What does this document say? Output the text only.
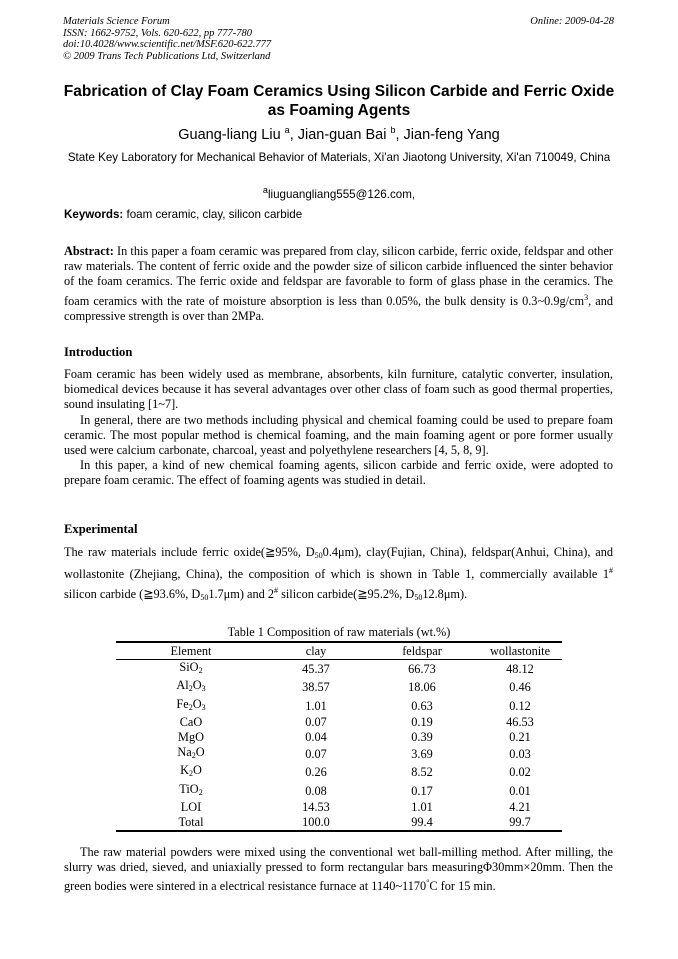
Materials Science Forum
ISSN: 1662-9752, Vols. 620-622, pp 777-780
doi:10.4028/www.scientific.net/MSF.620-622.777
© 2009 Trans Tech Publications Ltd, Switzerland
Online: 2009-04-28
Fabrication of Clay Foam Ceramics Using Silicon Carbide and Ferric Oxide as Foaming Agents
Guang-liang Liu $^a$, Jian-guan Bai $^b$, Jian-feng Yang
State Key Laboratory for Mechanical Behavior of Materials, Xi'an Jiaotong University, Xi'an 710049, China
$^a$liuguangliang555@126.com,
Keywords: foam ceramic, clay, silicon carbide

Abstract: In this paper a foam ceramic was prepared from clay, silicon carbide, ferric oxide, feldspar and other raw materials. The content of ferric oxide and the powder size of silicon carbide influenced the sinter behavior of the foam ceramics. The ferric oxide and feldspar are favorable to form of glass phase in the ceramics. The foam ceramics with the rate of moisture absorption is less than 0.05%, the bulk density is $0.3\sim 0.9g/cm^3$, and compressive strength is over than 2MPa.

Introduction

Foam ceramic has been widely used as membrane, absorbents, kiln furniture, catalytic converter, insulation, biomedical devices because it has several advantages over other class of foam such as good thermal properties, sound insulating [1~7].

In general, there are two methods including physical and chemical foaming could be used to prepare foam ceramic. The most popular method is chemical foaming, and the main foaming agent or pore former usually used were calcium carbonate, charcoal, yeast and polyethylene researchers [4, 5, 8, 9].

In this paper, a kind of new chemical foaming agents, silicon carbide and ferric oxide, were adopted to prepare foam ceramic. The effect of foaming agents was studied in detail.

Experimental

The raw materials include ferric oxide(≧95%, $D_{50}0.4\mu m$), clay(Fujian, China), feldspar(Anhui, China), and wollastonite (Zhejiang, China), the composition of which is shown in Table 1, commercially available 1# silicon carbide (≧93.6%, $D_{50}1.7\mu m$) and 2# silicon carbide(≧95.2%, $D_{50}12.8\mu m$).

Table 1 Composition of raw materials (wt.%)
Element	clay	feldspar	wollastonite
SiO$_2$	45.37	66.73	48.12
$Al_2O_3$	38.57	18.06	0.46
$Fe_2O_3$	1.01	0.63	0.12
CaO	0.07	0.19	46.53
MgO	0.04	0.39	0.21
$Na_2O$	0.07	3.69	0.03
$K_2O$	0.26	8.52	0.02
TiO$_2$	0.08	0.17	0.01
LOI	14.53	1.01	4.21
Total	100.0	99.4	99.7

The raw material powders were mixed using the conventional wet ball-milling method. After milling, the slurry was dried, sieved, and uniaxially pressed to form rectangular bars measuringΦ30mm×20mm. Then the green bodies were sintered in a electrical resistance furnace at 1140~1170°C for 15 min.
